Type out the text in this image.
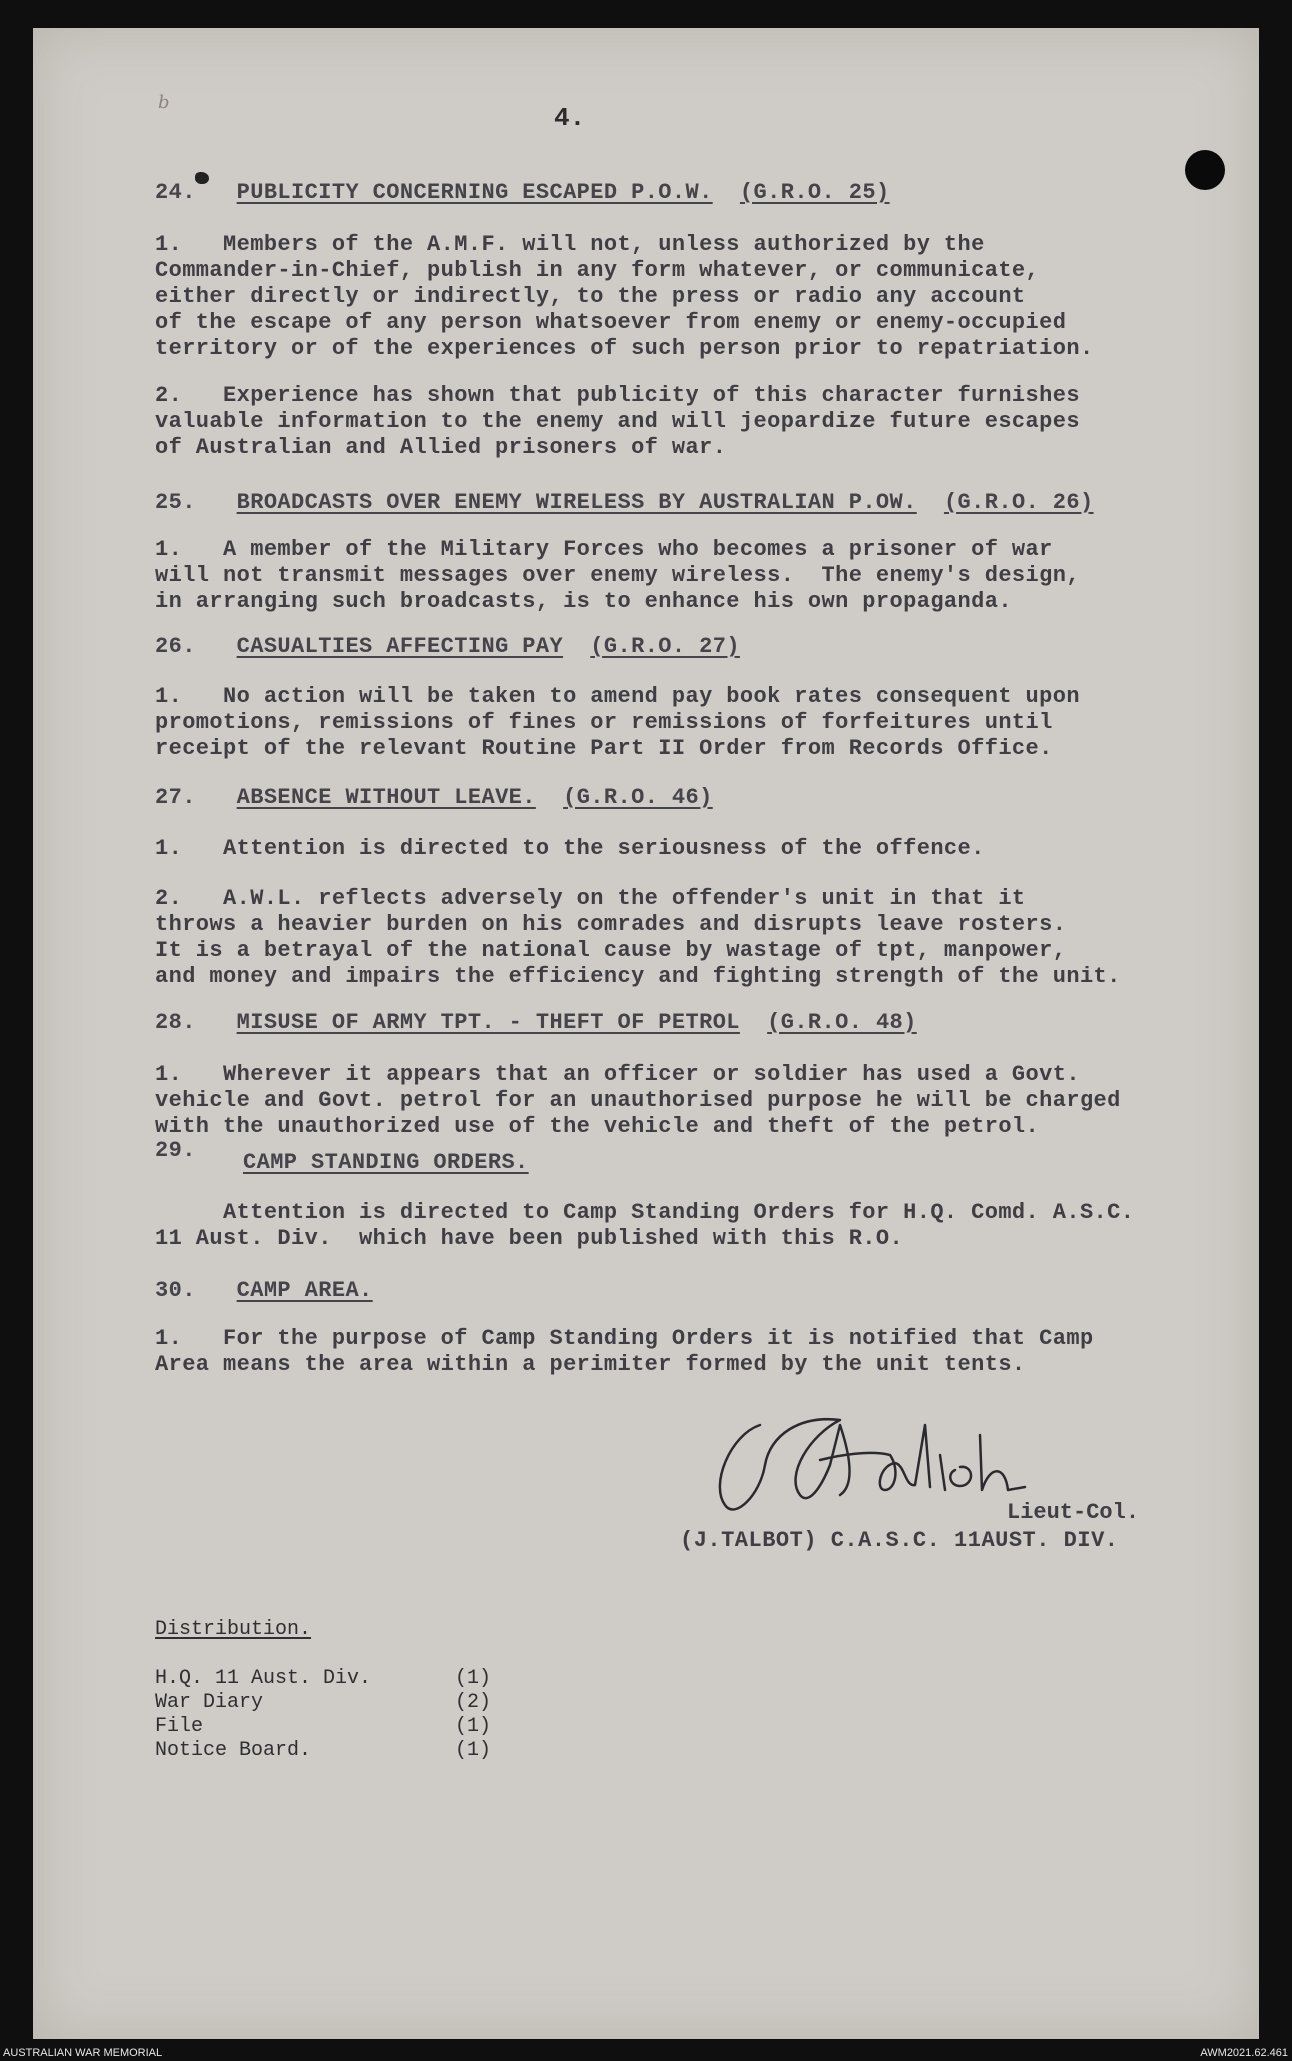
b
4.
24. PUBLICITY CONCERNING ESCAPED P.O.W. (G.R.O. 25)
1.   Members of the A.M.F. will not, unless authorized by the
Commander-in-Chief, publish in any form whatever, or communicate,
either directly or indirectly, to the press or radio any account
of the escape of any person whatsoever from enemy or enemy-occupied
territory or of the experiences of such person prior to repatriation.
2.   Experience has shown that publicity of this character furnishes
valuable information to the enemy and will jeopardize future escapes
of Australian and Allied prisoners of war.
25. BROADCASTS OVER ENEMY WIRELESS BY AUSTRALIAN P.OW. (G.R.O. 26)
1.   A member of the Military Forces who becomes a prisoner of war
will not transmit messages over enemy wireless.  The enemy's design,
in arranging such broadcasts, is to enhance his own propaganda.
26. CASUALTIES AFFECTING PAY (G.R.O. 27)
1.   No action will be taken to amend pay book rates consequent upon
promotions, remissions of fines or remissions of forfeitures until
receipt of the relevant Routine Part II Order from Records Office.
27. ABSENCE WITHOUT LEAVE. (G.R.O. 46)
1.   Attention is directed to the seriousness of the offence.
2.   A.W.L. reflects adversely on the offender's unit in that it
throws a heavier burden on his comrades and disrupts leave rosters.
It is a betrayal of the national cause by wastage of tpt, manpower,
and money and impairs the efficiency and fighting strength of the unit.
28. MISUSE OF ARMY TPT. - THEFT OF PETROL (G.R.O. 48)
1.   Wherever it appears that an officer or soldier has used a Govt.
vehicle and Govt. petrol for an unauthorised purpose he will be charged
with the unauthorized use of the vehicle and theft of the petrol.
29. CAMP STANDING ORDERS.
Attention is directed to Camp Standing Orders for H.Q. Comd. A.S.C.
11 Aust. Div.  which have been published with this R.O.
30. CAMP AREA.
1.   For the purpose of Camp Standing Orders it is notified that Camp
Area means the area within a perimiter formed by the unit tents.
Lieut-Col.
(J.TALBOT) C.A.S.C. 11AUST. DIV.
Distribution.
H.Q. 11 Aust. Div.	(1)
War Diary	(2)
File	(1)
Notice Board.	(1)
AUSTRALIAN WAR MEMORIAL	AWM2021.62.461
